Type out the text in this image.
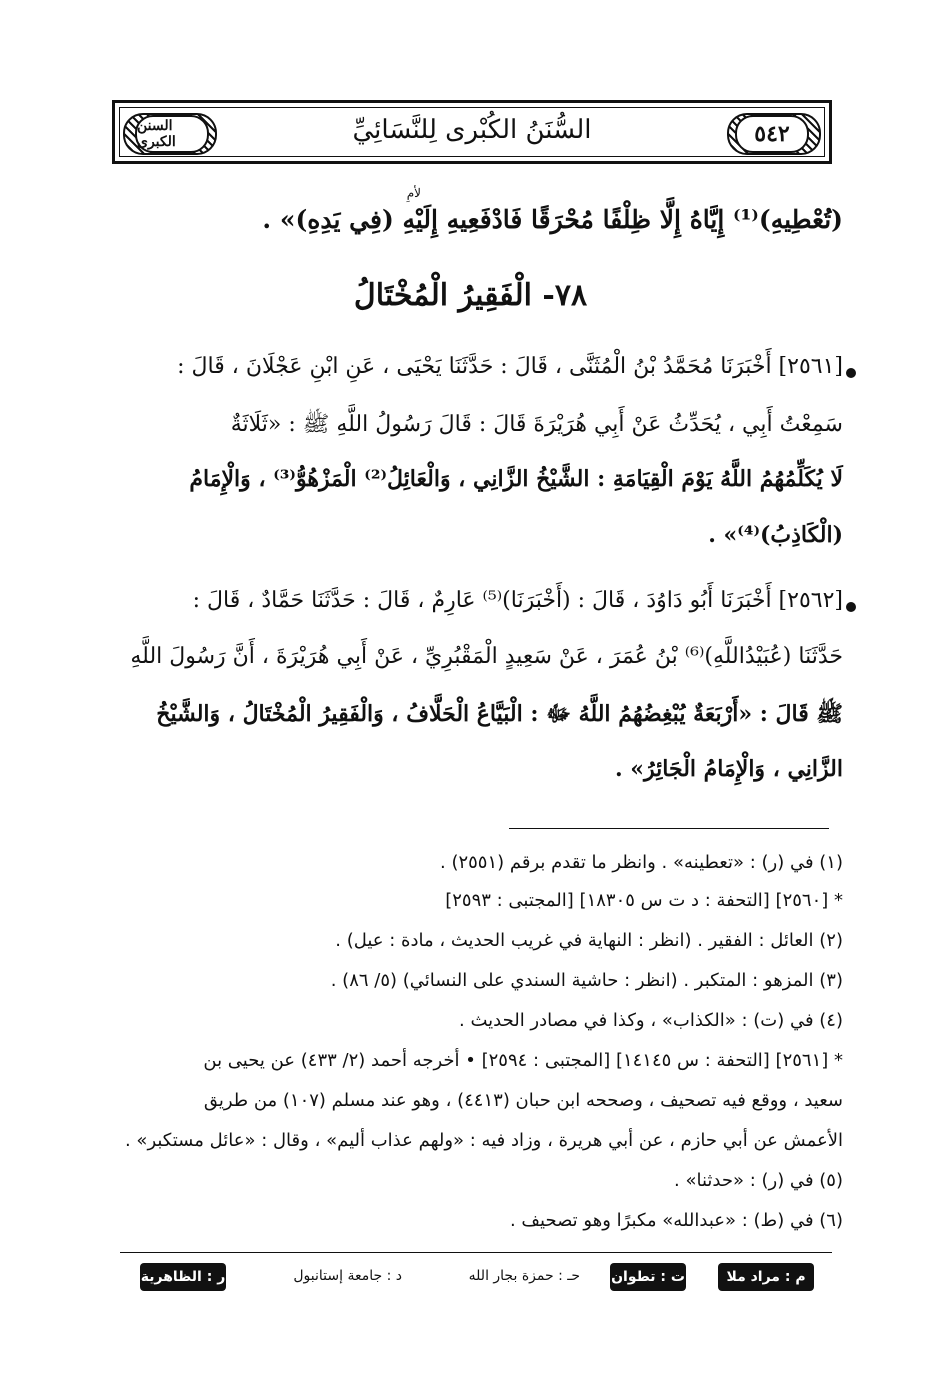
السنن الكبرى	٥٤٢
السُّنَنُ الكُبْرى لِلنَّسَائِيِّ
(تُعْطِيهِ)⁽¹⁾ إِيَّاهُ إِلَّا ظِلْفًا مُحْرَقًا فَادْفَعِيهِ إِلَيْهِ (فِي يَدِهِ)» .
لأمِ
٧٨- الْفَقِيرُ الْمُخْتَالُ
[٢٥٦١] أَخْبَرَنَا مُحَمَّدُ بْنُ الْمُثَنَّى ، قَالَ : حَدَّثَنَا يَحْيَى ، عَنِ ابْنِ عَجْلَانَ ، قَالَ :
سَمِعْتُ أَبِي ، يُحَدِّثُ عَنْ أَبِي هُرَيْرَةَ قَالَ : قَالَ رَسُولُ اللَّهِ ﷺ : «ثَلَاثَةٌ
لَا يُكَلِّمُهُمُ اللَّهُ يَوْمَ الْقِيَامَةِ : الشَّيْخُ الزَّانِي ، وَالْعَائِلُ⁽²⁾ الْمَزْهُوُّ⁽³⁾ ، وَالْإِمَامُ
(الْكَاذِبُ)⁽⁴⁾» .
[٢٥٦٢] أَخْبَرَنَا أَبُو دَاوُدَ ، قَالَ : (أَخْبَرَنَا)⁽⁵⁾ عَارِمٌ ، قَالَ : حَدَّثَنَا حَمَّادٌ ، قَالَ :
حَدَّثَنَا (عُبَيْدُاللَّهِ)⁽⁶⁾ بْنُ عُمَرَ ، عَنْ سَعِيدٍ الْمَقْبُرِيِّ ، عَنْ أَبِي هُرَيْرَةَ ، أَنَّ رَسُولَ اللَّهِ
ﷺ قَالَ : «أَرْبَعَةٌ يُبْغِضُهُمُ اللَّهُ ﷻ : الْبَيَّاعُ الْحَلَّافُ ، وَالْفَقِيرُ الْمُخْتَالُ ، وَالشَّيْخُ
الزَّانِي ، وَالْإِمَامُ الْجَائِرُ» .
(١) في (ر) : «تعطينه» . وانظر ما تقدم برقم (٢٥٥١) .
* [٢٥٦٠] [التحفة : د ت س ١٨٣٠٥] [المجتبى : ٢٥٩٣]
(٢) العائل : الفقير . (انظر : النهاية في غريب الحديث ، مادة : عيل) .
(٣) المزهو : المتكبر . (انظر : حاشية السندي على النسائي) (٥/ ٨٦) .
(٤) في (ت) : «الكذاب» ، وكذا في مصادر الحديث .
* [٢٥٦١] [التحفة : س ١٤١٤٥] [المجتبى : ٢٥٩٤] • أخرجه أحمد (٢/ ٤٣٣) عن يحيى بن
سعيد ، ووقع فيه تصحيف ، وصححه ابن حبان (٤٤١٣) ، وهو عند مسلم (١٠٧) من طريق
الأعمش عن أبي حازم ، عن أبي هريرة ، وزاد فيه : «ولهم عذاب أليم» ، وقال : «عائل مستكبر» .
(٥) في (ر) : «حدثنا» .
(٦) في (ط) : «عبدالله» مكبرًا وهو تصحيف .
م : مراد ملا
ت : تطوان
حـ : حمزة بجار الله
د : جامعة إستانبول
ر : الظاهرية
